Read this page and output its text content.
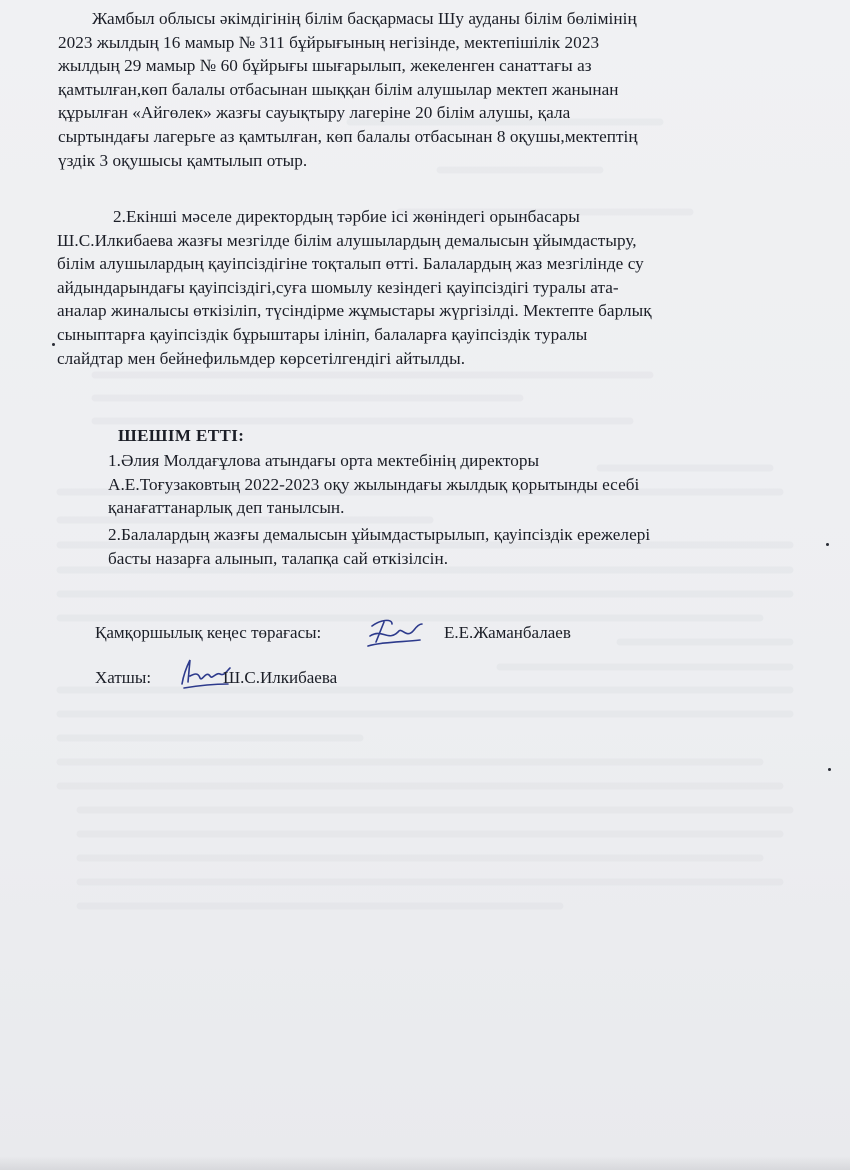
Жамбыл облысы әкімдігінің білім басқармасы Шу ауданы білім бөлімінің
2023 жылдың 16 мамыр № 311 бұйрығының негізінде, мектепішілік 2023
жылдың 29 мамыр № 60 бұйрығы шығарылып, жекеленген санаттағы аз
қамтылған,көп балалы отбасынан шыққан білім алушылар мектеп жанынан
құрылған «Айгөлек» жазғы сауықтыру лагеріне 20 білім алушы, қала
сыртындағы лагерьге аз қамтылған, көп балалы отбасынан 8 оқушы,мектептің
үздік 3 оқушысы қамтылып отыр.
2.Екінші мәселе директордың тәрбие ісі жөніндегі орынбасары
Ш.С.Илкибаева жазғы мезгілде білім алушылардың демалысын ұйымдастыру,
білім алушылардың қауіпсіздігіне тоқталып өтті. Балалардың жаз мезгілінде су
айдындарындағы қауіпсіздігі,суға шомылу кезіндегі қауіпсіздігі туралы ата-
аналар жиналысы өткізіліп, түсіндірме жұмыстары жүргізілді. Мектепте барлық
сыныптарға қауіпсіздік бұрыштары ілініп, балаларға қауіпсіздік туралы
слайдтар мен бейнефильмдер көрсетілгендігі айтылды.
ШЕШІМ ЕТТІ:
1.Әлия Молдағұлова атындағы орта мектебінің директоры
А.Е.Тоғузаковтың 2022-2023 оқу жылындағы жылдық қорытынды есебі
қанағаттанарлық деп танылсын.
2.Балалардың жазғы демалысын ұйымдастырылып, қауіпсіздік ережелері
басты назарға алынып, талапқа сай өткізілсін.
Қамқоршылық кеңес төрағасы:	Е.Е.Жаманбалаев
Хатшы:	Ш.С.Илкибаева
